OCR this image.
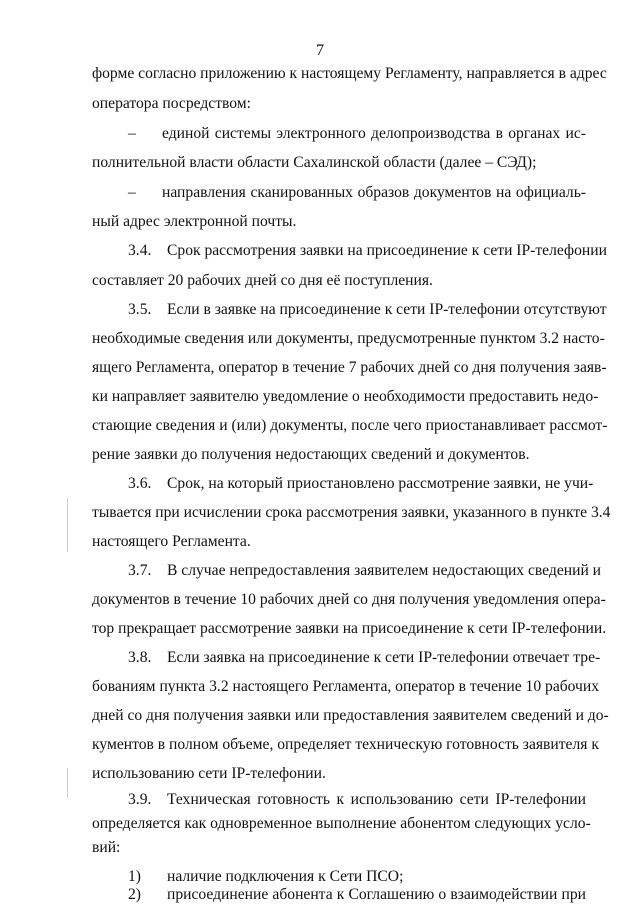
7
форме согласно приложению к настоящему Регламенту, направляется в адрес
оператора посредством:
– единой системы электронного делопроизводства в органах ис-
полнительной власти области Сахалинской области (далее – СЭД);
– направления сканированных образов документов на официаль-
ный адрес электронной почты.
3.4. Срок рассмотрения заявки на присоединение к сети IP-телефонии
составляет 20 рабочих дней со дня её поступления.
3.5. Если в заявке на присоединение к сети IP-телефонии отсутствуют
необходимые сведения или документы, предусмотренные пунктом 3.2 насто-
ящего Регламента, оператор в течение 7 рабочих дней со дня получения заяв-
ки направляет заявителю уведомление о необходимости предоставить недо-
стающие сведения и (или) документы, после чего приостанавливает рассмот-
рение заявки до получения недостающих сведений и документов.
3.6. Срок, на который приостановлено рассмотрение заявки, не учи-
тывается при исчислении срока рассмотрения заявки, указанного в пункте 3.4
настоящего Регламента.
3.7. В случае непредоставления заявителем недостающих сведений и
документов в течение 10 рабочих дней со дня получения уведомления опера-
тор прекращает рассмотрение заявки на присоединение к сети IP-телефонии.
3.8. Если заявка на присоединение к сети IP-телефонии отвечает тре-
бованиям пункта 3.2 настоящего Регламента, оператор в течение 10 рабочих
дней со дня получения заявки или предоставления заявителем сведений и до-
кументов в полном объеме, определяет техническую готовность заявителя к
использованию сети IP-телефонии.
3.9. Техническая готовность к использованию сети IP-телефонии
определяется как одновременное выполнение абонентом следующих усло-
вий:
1) наличие подключения к Сети ПСО;
2) присоединение абонента к Соглашению о взаимодействии при
